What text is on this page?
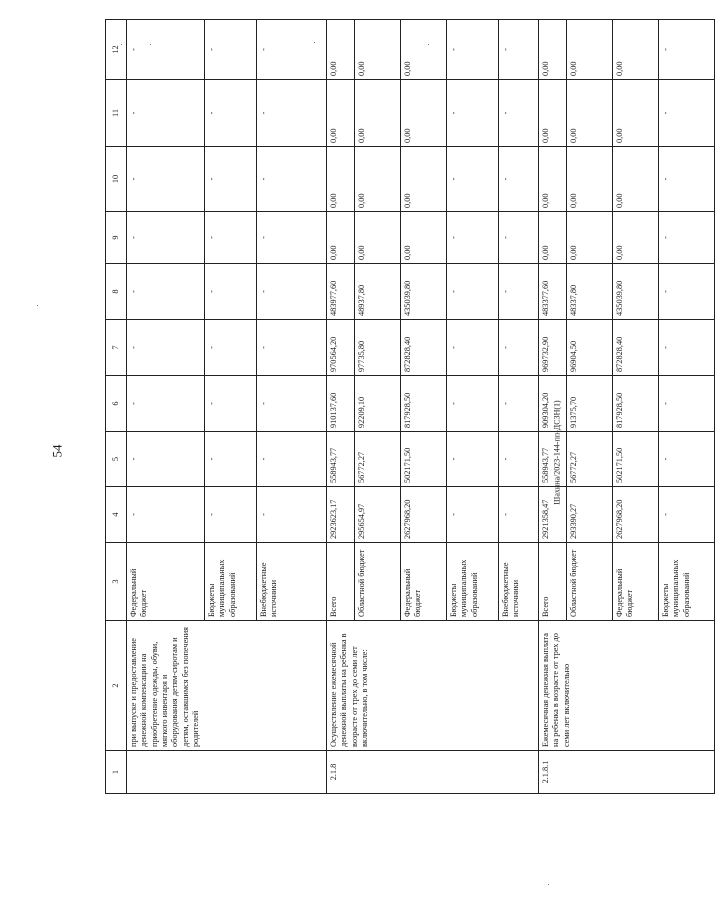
54	Шахина/2023-144-пп-ДСЗН(1)
1	2	3	4	5	6	7	8	9	10	11	12
	при выпуске и предоставление денежной компенсации на приобретение одежды, обуви, мягкого инвентаря и оборудования детям-сиротам и детям, оставшимся без попечения родителей	Федеральный бюджет	-	-	-	-	-	-	-	-	-
		Бюджеты муниципальных образований	-	-	-	-	-	-	-	-	-
		Внебюджетные источники	-	-	-	-	-	-	-	-	-
2.1.8	Осуществление ежемесячной денежной выплаты на ребенка в возрасте от трех до семи лет включительно, в том числе:	Всего	2923623,17	558943,77	910137,60	970564,20	483977,60	0,00	0,00	0,00	0,00
		Областной бюджет	295654,97	56772,27	92209,10	97735,80	48937,80	0,00	0,00	0,00	0,00
		Федеральный бюджет	2627968,20	502171,50	817928,50	872828,40	435039,80	0,00	0,00	0,00	0,00
		Бюджеты муниципальных образований	-	-	-	-	-	-	-	-	-
		Внебюджетные источники	-	-	-	-	-	-	-	-	-
2.1.8.1	Ежемесячная денежная выплата на ребенка в возрасте от трех до семи лет включительно	Всего	2921358,47	558943,77	909304,20	969732,90	483377,60	0,00	0,00	0,00	0,00
		Областной бюджет	293390,27	56772,27	91375,70	96904,50	48337,80	0,00	0,00	0,00	0,00
		Федеральный бюджет	2627968,20	502171,50	817928,50	872828,40	435039,80	0,00	0,00	0,00	0,00
		Бюджеты муниципальных образований	-	-	-	-	-	-	-	-	-
